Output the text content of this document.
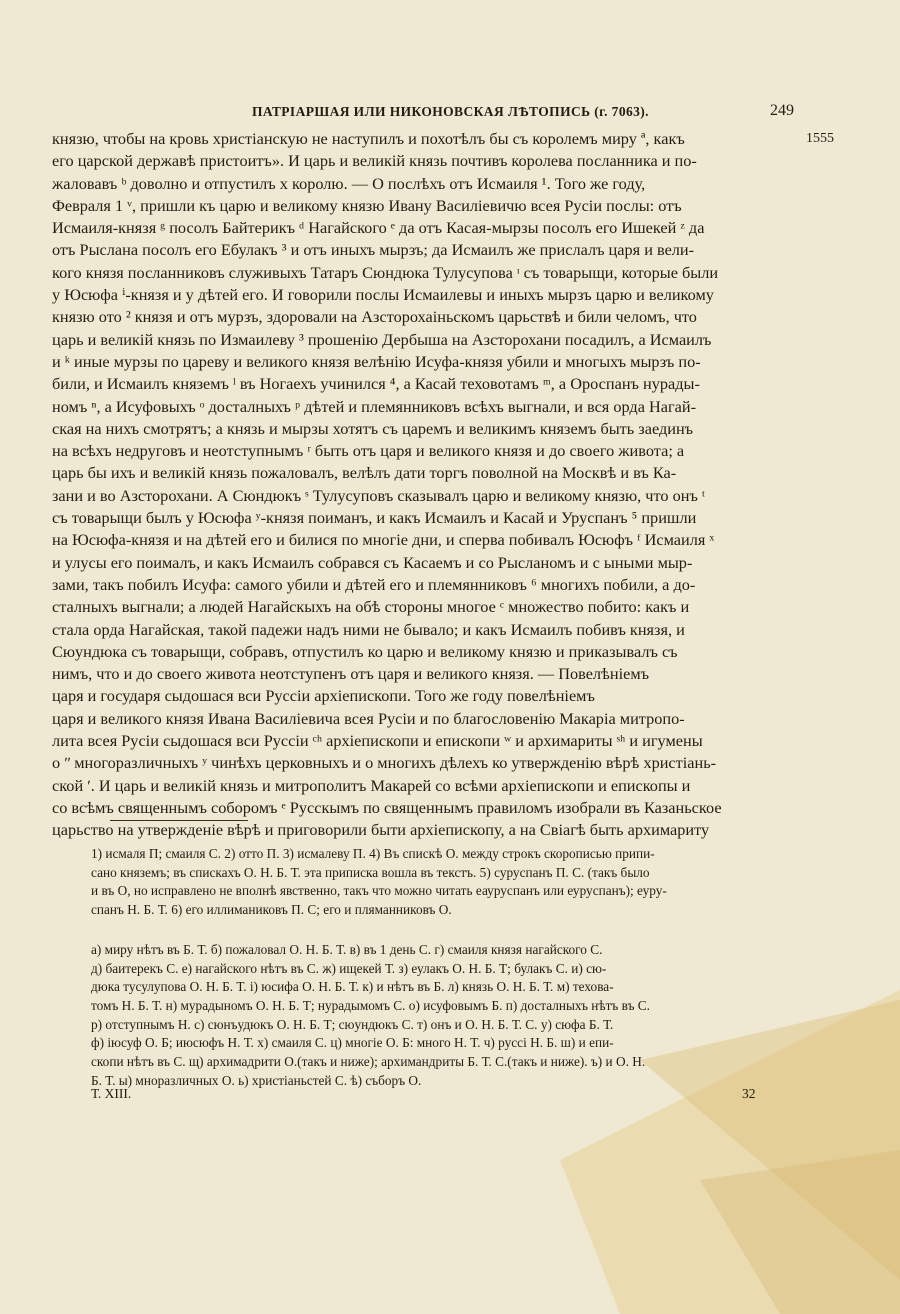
ПАТРІАРШАЯ ИЛИ НИКОНОВСКАЯ ЛѢТОПИСЬ (г. 7063).	249
1555
князю, чтобы на кровь христіанскую не наступилъ и похотѣлъ бы съ королемъ миру ª, какъ
его царской державѣ пристоитъ». И царь и великій князь почтивъ королева посланника и по-
жаловавъ ᵇ доволно и отпустилъ х королю. — О послѣхъ отъ Исмаиля ¹. Того же году,
Февраля 1 ᵛ, пришли къ царю и великому князю Ивану Василіевичю всея Русіи послы: отъ
Исмаиля-князя ᵍ посолъ Байтерикъ ᵈ Нагайского ᵉ да отъ Касая-мырзы посолъ его Ишекей ᶻ да
отъ Рыслана посолъ его Ебулакъ ³ и отъ иныхъ мырзъ; да Исмаилъ же прислалъ царя и вели-
кого князя посланниковъ служивыхъ Татаръ Сюндюка Тулусупова ᶦ съ товарыщи, которые были
у Юсюфа ⁱ-князя и у дѣтей его. И говорили послы Исмаилевы и иныхъ мырзъ царю и великому
князю ото ² князя и отъ мурзъ, здоровали на Азсторохаіньскомъ царьствѣ и били челомъ, что
царь и великій князь по Измаилеву ³ прошенію Дербыша на Азсторохани посадилъ, а Исмаилъ
и ᵏ иные мурзы по цареву и великого князя велѣнію Исуфа-князя убили и многыхъ мырзъ по-
били, и Исмаилъ княземъ ˡ въ Ногаехъ учинился ⁴, а Касай теховотамъ ᵐ, а Ороспанъ нурады-
номъ ⁿ, а Исуфовыхъ ᵒ досталныхъ ᵖ дѣтей и племянниковъ всѣхъ выгнали, и вся орда Нагай-
ская на нихъ смотрятъ; а князь и мырзы хотятъ съ царемъ и великимъ княземъ быть заединъ
на всѣхъ недруговъ и неотступнымъ ʳ быть отъ царя и великого князя и до своего живота; а
царь бы ихъ и великій князь пожаловалъ, велѣлъ дати торгъ поволной на Москвѣ и въ Ка-
зани и во Азсторохани. А Сюндюкъ ˢ Тулусуповъ сказывалъ царю и великому князю, что онъ ᵗ
съ товарыщи былъ у Юсюфа ʸ-князя поиманъ, и какъ Исмаилъ и Касай и Уруспанъ ⁵ пришли
на Юсюфа-князя и на дѣтей его и билися по многіе дни, и сперва побивалъ Юсюфъ ᶠ Исмаиля ˣ
и улусы его поималъ, и какъ Исмаилъ собрався съ Касаемъ и со Рысланомъ и с ыными мыр-
зами, такъ побилъ Исуфа: самого убили и дѣтей его и племянниковъ ⁶ многихъ побили, а до-
сталныхъ выгнали; а людей Нагайскыхъ на обѣ стороны многое ᶜ множество побито: какъ и
стала орда Нагайская, такой падежи надъ ними не бывало; и какъ Исмаилъ побивъ князя, и
Сюундюка съ товарыщи, собравъ, отпустилъ ко царю и великому князю и приказывалъ съ
нимъ, что и до своего живота неотступенъ отъ царя и великого князя. — Повелѣніемъ
царя и государя сыдошася вси Руссіи архіепископи. Того же году повелѣніемъ
царя и великого князя Ивана Василіевича всея Русіи и по благословенію Макаріа митропо-
лита всея Русіи сыдошася вси Руссіи ᶜʰ архіепископи и епископи ʷ и архимариты ˢʰ и игумены
о ʺ многоразличныхъ ʸ чинѣхъ церковныхъ и о многихъ дѣлехъ ко утвержденію вѣрѣ христіань-
ской ʹ. И царь и великій князь и митрополитъ Макарей со всѣми архіепископи и епископы и
со всѣмъ священнымъ соборомъ ᵉ Русскымъ по священнымъ правиломъ изобрали въ Казаньское
царьство на утвержденіе вѣрѣ и приговорили быти архіепископу, а на Свіагѣ быть архимариту
1) исмаля П; смаиля С. 2) отто П. 3) исмалеву П. 4) Въ спискѣ О. между строкъ скорописью припи-
сано княземъ; въ спискахъ О. Н. Б. Т. эта приписка вошла въ текстъ. 5) суруспанъ П. С. (такъ было
и въ О, но исправлено не вполнѣ явственно, такъ что можно читать еауруспанъ или еуруспанъ); еуру-
спанъ Н. Б. Т. 6) его иллиманиковъ П. С; его и пляманниковъ О.
а) миру нѣтъ въ Б. Т. б) пожаловал О. Н. Б. Т. в) въ 1 день С. г) смаиля князя нагайского С.
д) баитерекъ С. е) нагайского нѣтъ въ С. ж) ищекей Т. з) еулакъ О. Н. Б. Т; булакъ С. и) сю-
дюка тусулупова О. Н. Б. Т. і) юсифа О. Н. Б. Т. к) и нѣтъ въ Б. л) князь О. Н. Б. Т. м) техова-
томъ Н. Б. Т. н) мурадыномъ О. Н. Б. Т; нурадымомъ С. о) исуфовымъ Б. п) досталныхъ нѣтъ въ С.
р) отступнымъ Н. с) сюнъудюкъ О. Н. Б. Т; сюундюкъ С. т) онъ и О. Н. Б. Т. С. у) сюфа Б. Т.
ф) іюсуф О. Б; июсюфъ Н. Т. х) смаиля С. ц) многіе О. Б: много Н. Т. ч) руссі Н. Б. ш) и епи-
скопи нѣтъ въ С. щ) архимадрити О.(такъ и ниже); архимандриты Б. Т. С.(такъ и ниже). ъ) и О. Н.
Б. Т. ы) мноразличных О. ь) христіаньстей С. ѣ) съборъ О.
Т. XIII.	32
